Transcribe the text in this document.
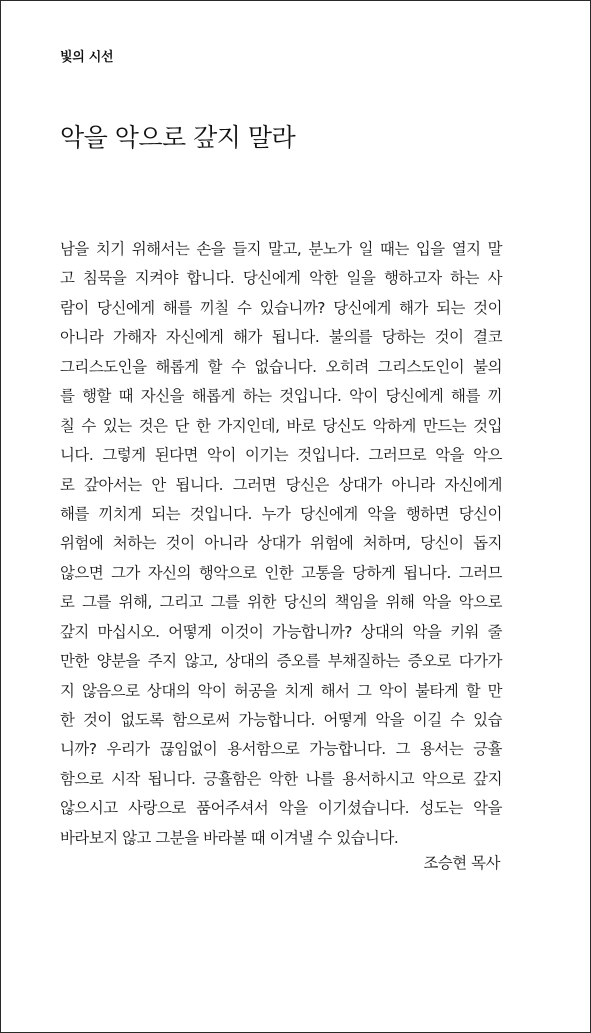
빛의 시선
악을 악으로 갚지 말라
남을 치기 위해서는 손을 들지 말고, 분노가 일 때는 입을 열지 말
고 침묵을 지켜야 합니다. 당신에게 악한 일을 행하고자 하는 사
람이 당신에게 해를 끼칠 수 있습니까? 당신에게 해가 되는 것이
아니라 가해자 자신에게 해가 됩니다. 불의를 당하는 것이 결코
그리스도인을 해롭게 할 수 없습니다. 오히려 그리스도인이 불의
를 행할 때 자신을 해롭게 하는 것입니다. 악이 당신에게 해를 끼
칠 수 있는 것은 단 한 가지인데, 바로 당신도 악하게 만드는 것입
니다. 그렇게 된다면 악이 이기는 것입니다. 그러므로 악을 악으
로 갚아서는 안 됩니다. 그러면 당신은 상대가 아니라 자신에게
해를 끼치게 되는 것입니다. 누가 당신에게 악을 행하면 당신이
위험에 처하는 것이 아니라 상대가 위험에 처하며, 당신이 돕지
않으면 그가 자신의 행악으로 인한 고통을 당하게 됩니다. 그러므
로 그를 위해, 그리고 그를 위한 당신의 책임을 위해 악을 악으로
갚지 마십시오. 어떻게 이것이 가능합니까? 상대의 악을 키워 줄
만한 양분을 주지 않고, 상대의 증오를 부채질하는 증오로 다가가
지 않음으로 상대의 악이 허공을 치게 해서 그 악이 불타게 할 만
한 것이 없도록 함으로써 가능합니다. 어떻게 악을 이길 수 있습
니까? 우리가 끊임없이 용서함으로 가능합니다. 그 용서는 긍휼
함으로 시작 됩니다. 긍휼함은 악한 나를 용서하시고 악으로 갚지
않으시고 사랑으로 품어주셔서 악을 이기셨습니다. 성도는 악을
바라보지 않고 그분을 바라볼 때 이겨낼 수 있습니다.
조승현 목사
